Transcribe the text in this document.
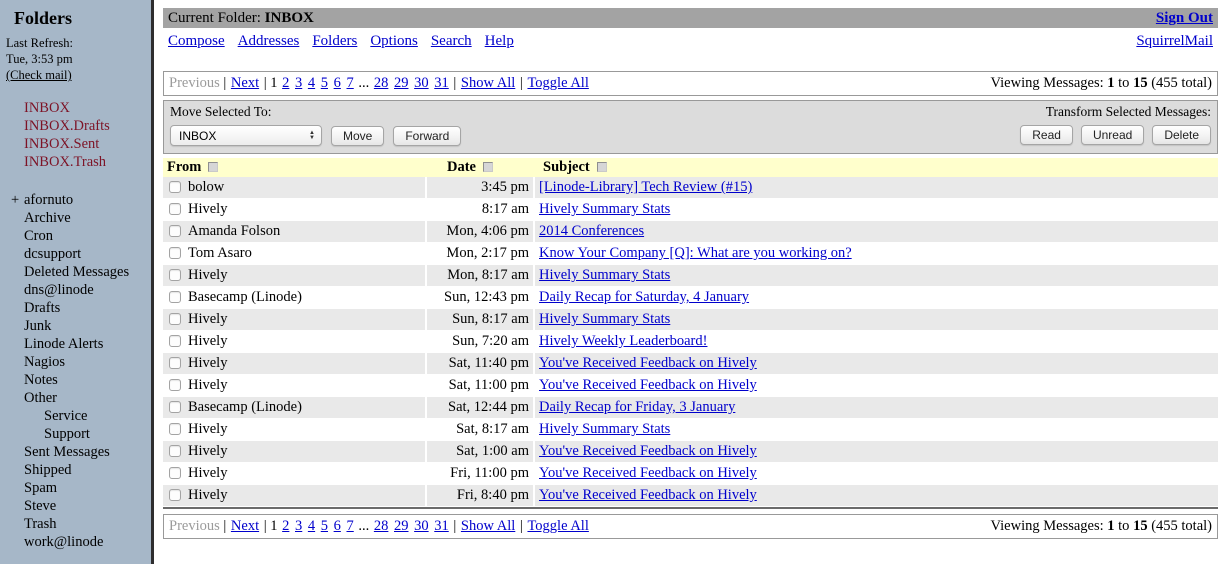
Folders
Last Refresh:
Tue, 3:53 pm
(Check mail)
INBOX
INBOX.Drafts
INBOX.Sent
INBOX.Trash
+ afornuto
Archive
Cron
dcsupport
Deleted Messages
dns@linode
Drafts
Junk
Linode Alerts
Nagios
Notes
Other
Service
Support
Sent Messages
Shipped
Spam
Steve
Trash
work@linode
Current Folder: INBOX	Sign Out
Compose Addresses Folders Options Search Help	SquirrelMail
Previous | Next | 1 2 3 4 5 6 7 ... 28 29 30 31 | Show All | Toggle All	Viewing Messages: 1 to 15 (455 total)
Move Selected To:
INBOX	▲
▼	Move	Forward
Transform Selected Messages:
Read	Unread	Delete
From	Date	Subject
bolow	3:45 pm	[Linode-Library] Tech Review (#15)
Hively	8:17 am	Hively Summary Stats
Amanda Folson	Mon, 4:06 pm	2014 Conferences
Tom Asaro	Mon, 2:17 pm	Know Your Company [Q]: What are you working on?
Hively	Mon, 8:17 am	Hively Summary Stats
Basecamp (Linode)	Sun, 12:43 pm	Daily Recap for Saturday, 4 January
Hively	Sun, 8:17 am	Hively Summary Stats
Hively	Sun, 7:20 am	Hively Weekly Leaderboard!
Hively	Sat, 11:40 pm	You've Received Feedback on Hively
Hively	Sat, 11:00 pm	You've Received Feedback on Hively
Basecamp (Linode)	Sat, 12:44 pm	Daily Recap for Friday, 3 January
Hively	Sat, 8:17 am	Hively Summary Stats
Hively	Sat, 1:00 am	You've Received Feedback on Hively
Hively	Fri, 11:00 pm	You've Received Feedback on Hively
Hively	Fri, 8:40 pm	You've Received Feedback on Hively
Previous | Next | 1 2 3 4 5 6 7 ... 28 29 30 31 | Show All | Toggle All	Viewing Messages: 1 to 15 (455 total)
